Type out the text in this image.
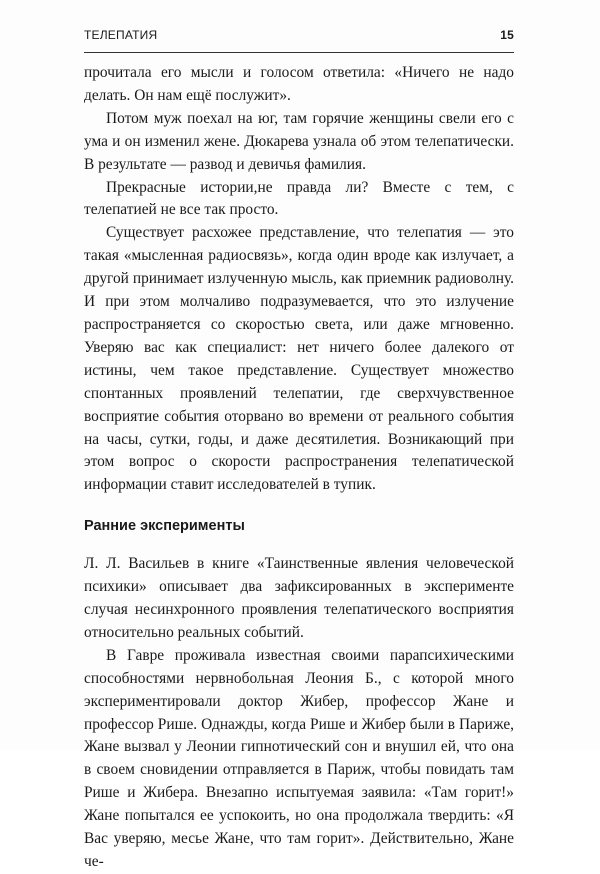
ТЕЛЕПАТИЯ	15

прочитала его мысли и голосом ответила: «Ничего не надо делать. Он нам ещё послужит».

Потом муж поехал на юг, там горячие женщины свели его с ума и он изменил жене. Дюкарева узнала об этом телепатически. В результате — развод и девичья фамилия.

Прекрасные истории,не правда ли? Вместе с тем, с телепатией не все так просто.

Существует расхожее представление, что телепатия — это такая «мысленная радиосвязь», когда один вроде как излучает, а другой принимает излученную мысль, как приемник радиоволну. И при этом молчаливо подразумевается, что это излучение распространяется со скоростью света, или даже мгновенно. Уверяю вас как специалист: нет ничего более далекого от истины, чем такое представление. Существует множество спонтанных проявлений телепатии, где сверхчувственное восприятие события оторвано во времени от реального события на часы, сутки, годы, и даже десятилетия. Возникающий при этом вопрос о скорости распространения телепатической информации ставит исследователей в тупик.

Ранние эксперименты

Л. Л. Васильев в книге «Таинственные явления человеческой психики» описывает два зафиксированных в эксперименте случая несинхронного проявления телепатического восприятия относительно реальных событий.

В Гавре проживала известная своими парапсихическими способностями нервнобольная Леония Б., с которой много экспериментировали доктор Жибер, профессор Жане и профессор Рише. Однажды, когда Рише и Жибер были в Париже, Жане вызвал у Леонии гипнотический сон и внушил ей, что она в своем сновидении отправляется в Париж, чтобы повидать там Рише и Жибера. Внезапно испытуемая заявила: «Там горит!» Жане попытался ее успокоить, но она продолжала твердить: «Я Вас уверяю, месье Жане, что там горит». Действительно, Жане че-
